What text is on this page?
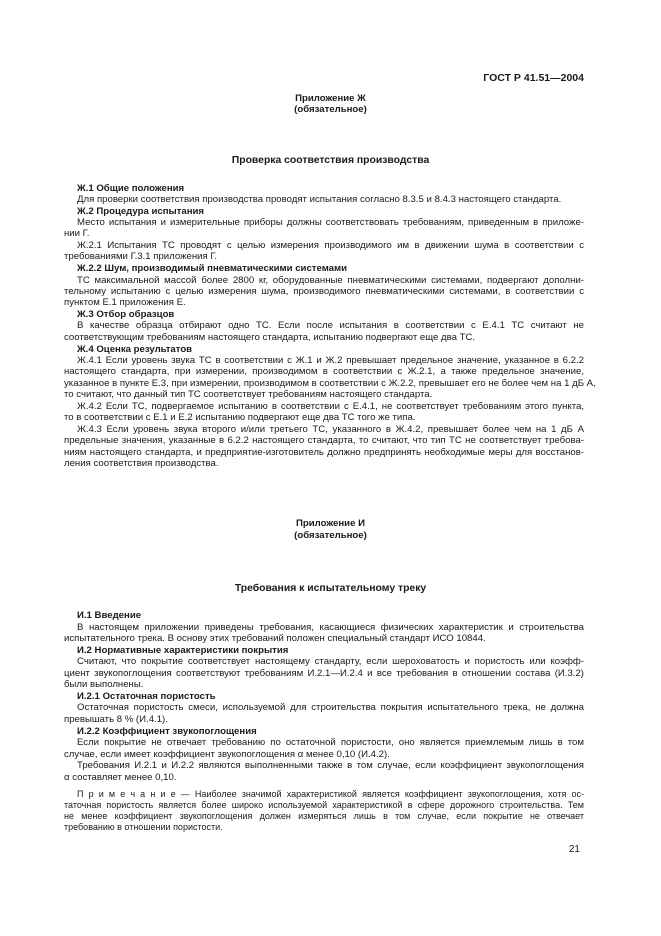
ГОСТ Р 41.51—2004
Приложение Ж
(обязательное)
Проверка соответствия производства
Ж.1 Общие положения
Для проверки соответствия производства проводят испытания согласно 8.3.5 и 8.4.3 настоящего стандарта.
Ж.2 Процедура испытания
Место испытания и измерительные приборы должны соответствовать требованиям, приведенным в приложе-
нии Г.
Ж.2.1 Испытания ТС проводят с целью измерения производимого им в движении шума в соответствии с
требованиями Г.3.1 приложения Г.
Ж.2.2 Шум, производимый пневматическими системами
ТС максимальной массой более 2800 кг, оборудованные пневматическими системами, подвергают дополни-
тельному испытанию с целью измерения шума, производимого пневматическими системами, в соответствии с
пунктом Е.1 приложения Е.
Ж.3 Отбор образцов
В качестве образца отбирают одно ТС. Если после испытания в соответствии с Е.4.1 ТС считают не
соответствующим требованиям настоящего стандарта, испытанию подвергают еще два ТС.
Ж.4 Оценка результатов
Ж.4.1 Если уровень звука ТС в соответствии с Ж.1 и Ж.2 превышает предельное значение, указанное в 6.2.2
настоящего стандарта, при измерении, производимом в соответствии с Ж.2.1, а также предельное значение,
указанное в пункте Е.3, при измерении, производимом в соответствии с Ж.2.2, превышает его не более чем на 1 дБ А,
то считают, что данный тип ТС соответствует требованиям настоящего стандарта.
Ж.4.2 Если ТС, подвергаемое испытанию в соответствии с Е.4.1, не соответствует требованиям этого пункта,
то в соответствии с Е.1 и Е.2 испытанию подвергают еще два ТС того же типа.
Ж.4.3 Если уровень звука второго и/или третьего ТС, указанного в Ж.4.2, превышает более чем на 1 дБ А
предельные значения, указанные в 6.2.2 настоящего стандарта, то считают, что тип ТС не соответствует требова-
ниям настоящего стандарта, и предприятие-изготовитель должно предпринять необходимые меры для восстанов-
ления соответствия производства.
Приложение И
(обязательное)
Требования к испытательному треку
И.1 Введение
В настоящем приложении приведены требования, касающиеся физических характеристик и строительства
испытательного трека. В основу этих требований положен специальный стандарт ИСО 10844.
И.2 Нормативные характеристики покрытия
Считают, что покрытие соответствует настоящему стандарту, если шероховатость и пористость или коэфф-
циент звукопоглощения соответствуют требованиям И.2.1—И.2.4 и все требования в отношении состава (И.3.2)
были выполнены.
И.2.1 Остаточная пористость
Остаточная пористость смеси, используемой для строительства покрытия испытательного трека, не должна
превышать 8 % (И.4.1).
И.2.2 Коэффициент звукопоглощения
Если покрытие не отвечает требованию по остаточной пористости, оно является приемлемым лишь в том
случае, если имеет коэффициент звукопоглощения α менее 0,10 (И.4.2).
Требования И.2.1 и И.2.2 являются выполненными также в том случае, если коэффициент звукопоглощения
α составляет менее 0,10.
П р и м е ч а н и е — Наиболее значимой характеристикой является коэффициент звукопоглощения, хотя ос-
таточная пористость является более широко используемой характеристикой в сфере дорожного строительства. Тем
не менее коэффициент звукопоглощения должен измеряться лишь в том случае, если покрытие не отвечает
требованию в отношении пористости.
21
